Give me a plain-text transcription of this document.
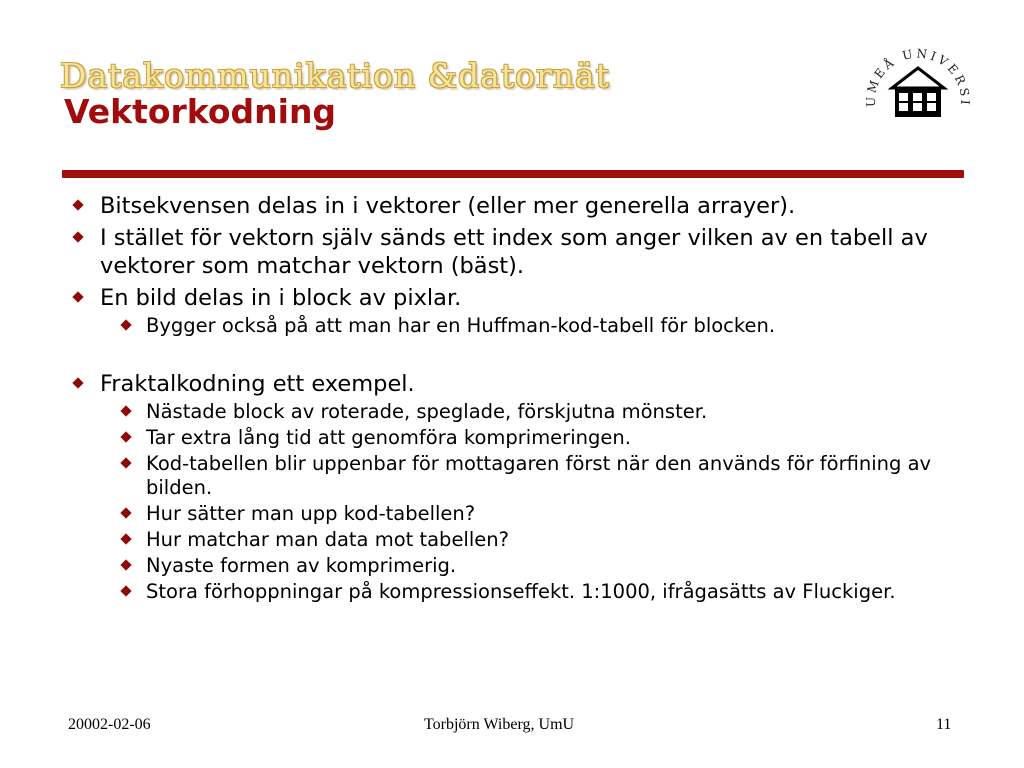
Datakommunikation &datornät
Vektorkodning	UMEÅ UNIVERSI
Bitsekvensen delas in i vektorer (eller mer generella arrayer).
I stället för vektorn själv sänds ett index som anger vilken av en tabell av vektorer som matchar vektorn (bäst).
En bild delas in i block av pixlar.
Bygger också på att man har en Huffman-kod-tabell för blocken.
Fraktalkodning ett exempel.
Nästade block av roterade, speglade, förskjutna mönster.
Tar extra lång tid att genomföra komprimeringen.
Kod-tabellen blir uppenbar för mottagaren först när den används för förfining av bilden.
Hur sätter man upp kod-tabellen?
Hur matchar man data mot tabellen?
Nyaste formen av komprimerig.
Stora förhoppningar på kompressionseffekt. 1:1000, ifrågasätts av Fluckiger.
20002-02-06	Torbjörn Wiberg, UmU	11
